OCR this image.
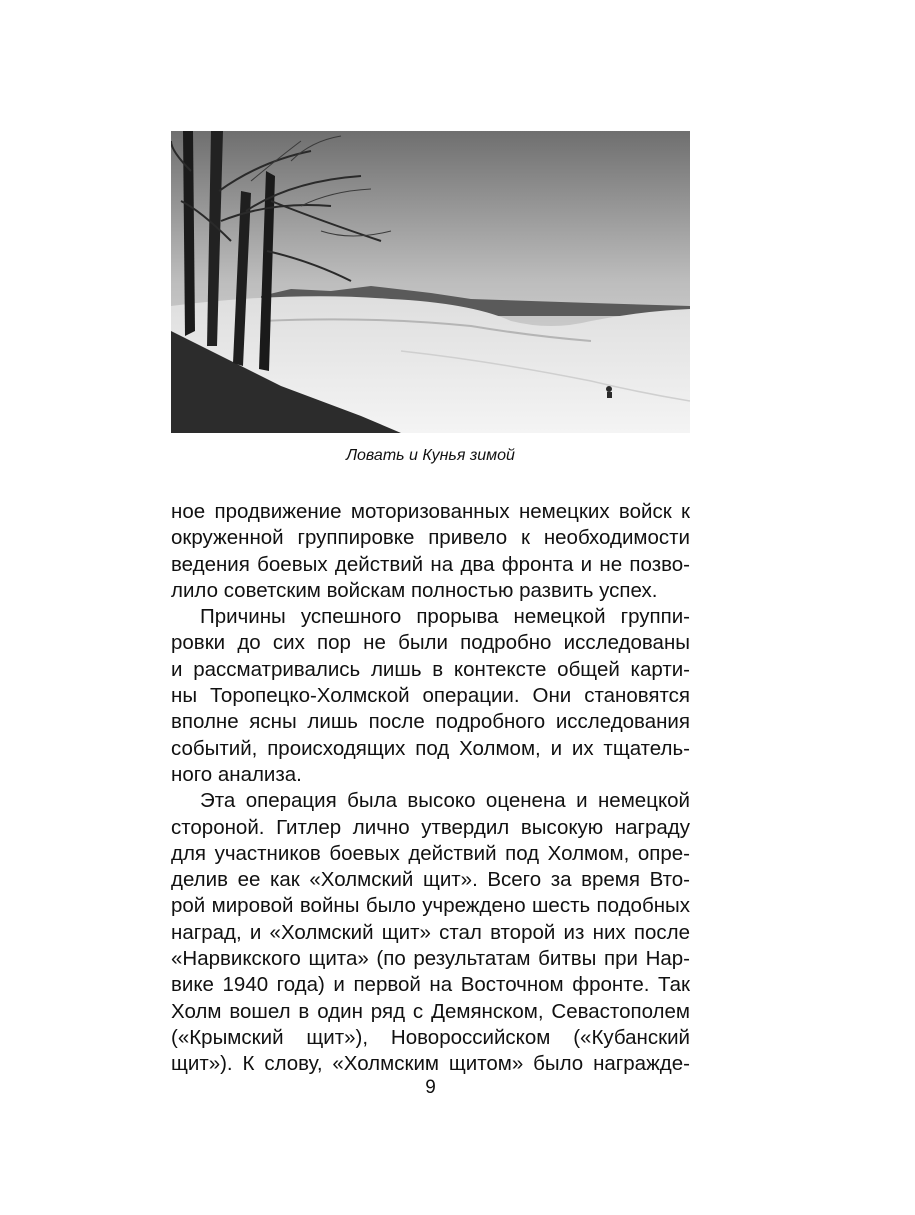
Ловать и Кунья зимой
ное продвижение моторизованных немецких войск к
окруженной группировке привело к необходимости
ведения боевых действий на два фронта и не позво-
лило советским войскам полностью развить успех.
Причины успешного прорыва немецкой группи-
ровки до сих пор не были подробно исследованы
и рассматривались лишь в контексте общей карти-
ны Торопецко-Холмской операции. Они становятся
вполне ясны лишь после подробного исследования
событий, происходящих под Холмом, и их тщатель-
ного анализа.
Эта операция была высоко оценена и немецкой
стороной. Гитлер лично утвердил высокую награду
для участников боевых действий под Холмом, опре-
делив ее как «Холмский щит». Всего за время Вто-
рой мировой войны было учреждено шесть подобных
наград, и «Холмский щит» стал второй из них после
«Нарвикского щита» (по результатам битвы при Нар-
вике 1940 года) и первой на Восточном фронте. Так
Холм вошел в один ряд с Демянском, Севастополем
(«Крымский щит»), Новороссийском («Кубанский
щит»). К слову, «Холмским щитом» было награжде-
9
